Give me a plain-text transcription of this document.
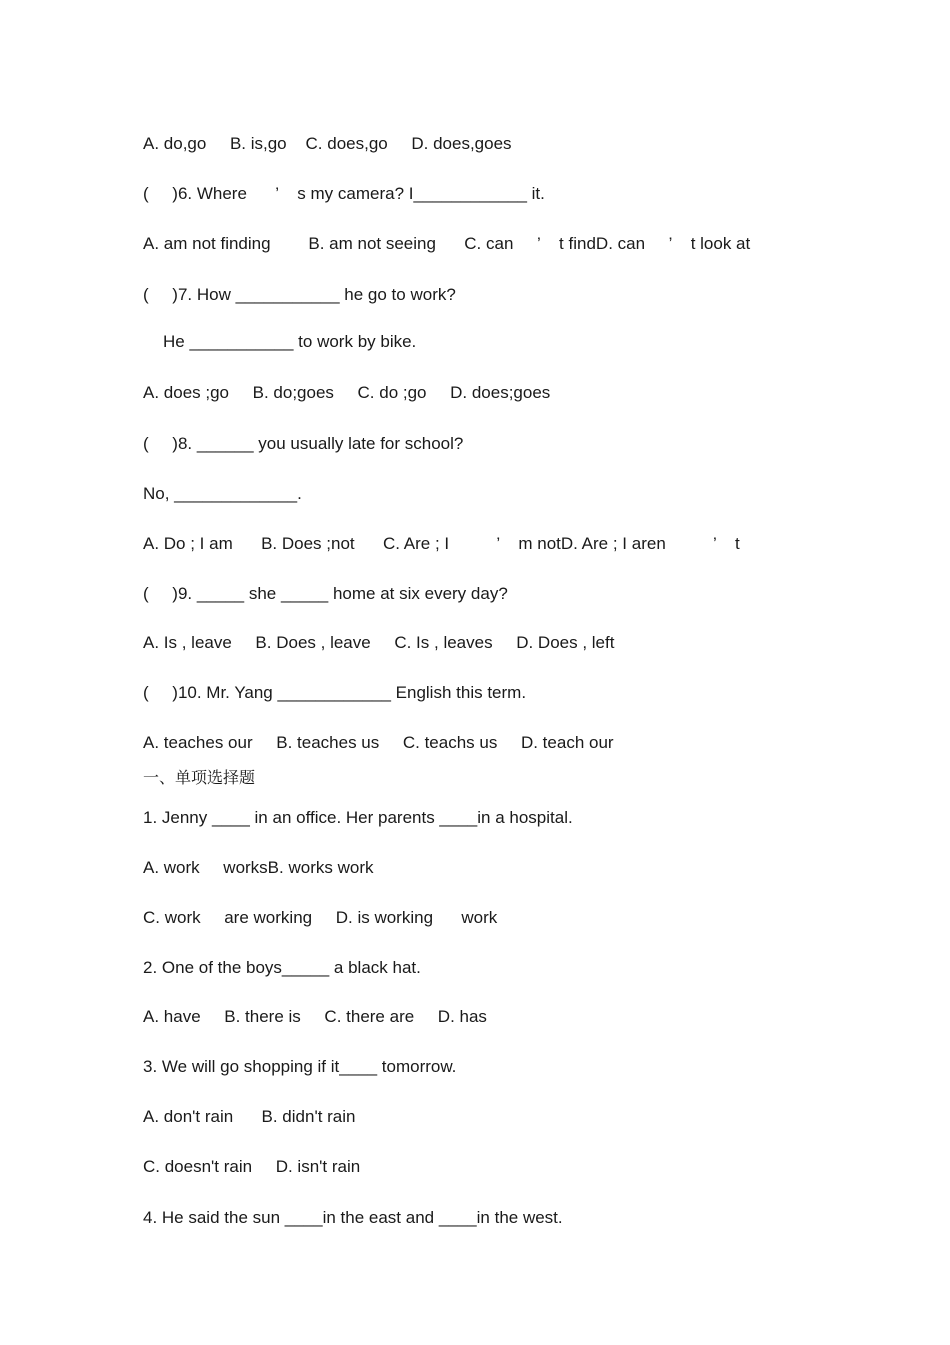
A. do,go     B. is,go    C. does,go     D. does,goes
(     )6. Where      ’    s my camera? I____________ it.
A. am not finding        B. am not seeing      C. can     ’    t findD. can     ’    t look at
(     )7. How ___________ he go to work?
He ___________ to work by bike.
A. does ;go     B. do;goes     C. do ;go     D. does;goes
(     )8. ______ you usually late for school?
No, _____________.
A. Do ; I am      B. Does ;not      C. Are ; I          ’    m notD. Are ; I aren          ’    t
(     )9. _____ she _____ home at six every day?
A. Is , leave     B. Does , leave     C. Is , leaves     D. Does , left
(     )10. Mr. Yang ____________ English this term.
A. teaches our     B. teaches us     C. teachs us     D. teach our
一、单项选择题
1. Jenny ____ in an office. Her parents ____in a hospital.
A. work     worksB. works work
C. work     are working     D. is working      work
2. One of the boys_____ a black hat.
A. have     B. there is     C. there are     D. has
3. We will go shopping if it____ tomorrow.
A. don't rain      B. didn't rain
C. doesn't rain     D. isn't rain
4. He said the sun ____in the east and ____in the west.
